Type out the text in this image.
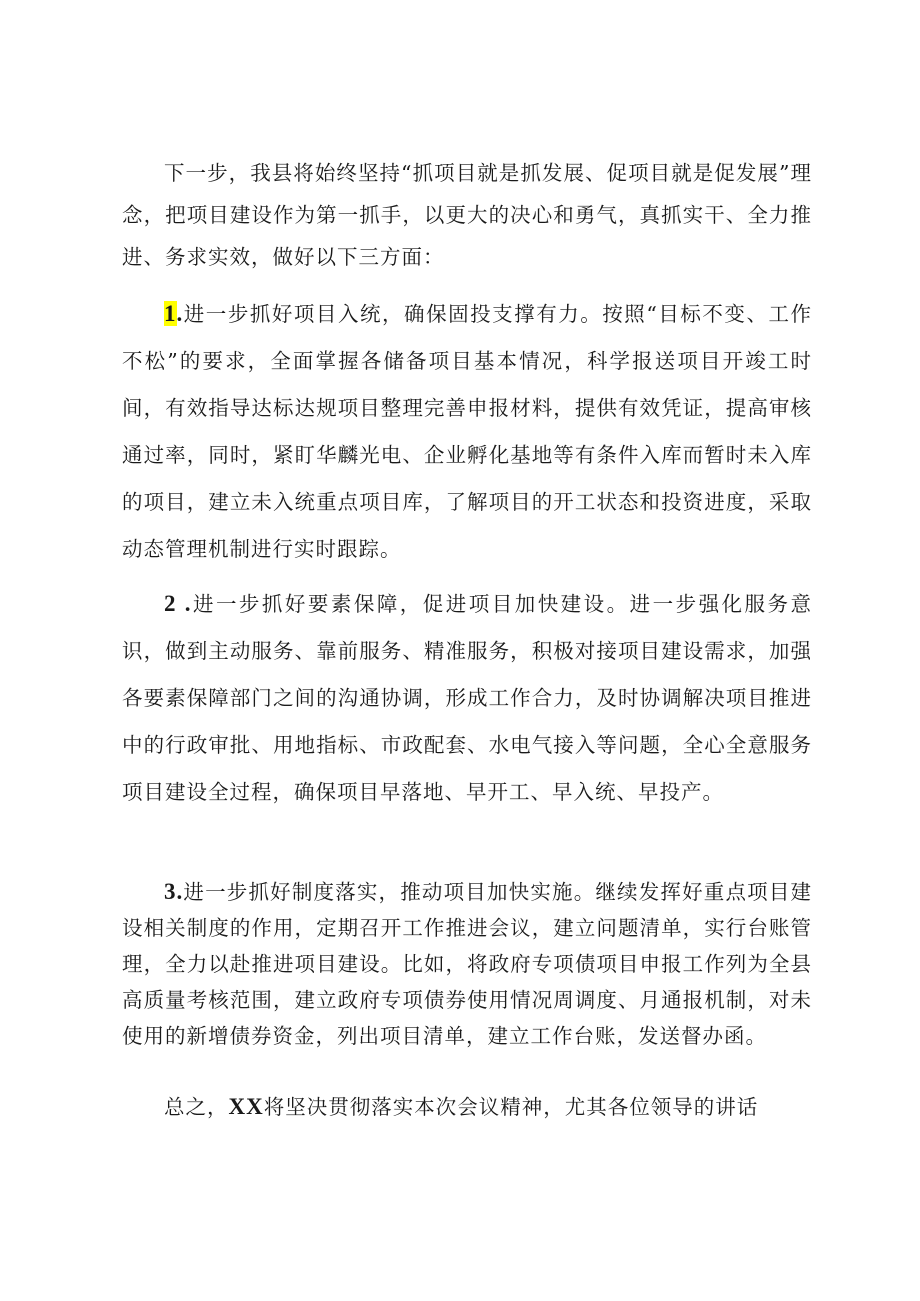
下一步，我县将始终坚持“抓项目就是抓发展、促项目就是促发展”理念，把项目建设作为第一抓手，以更大的决心和勇气，真抓实干、全力推进、务求实效，做好以下三方面：

1.进一步抓好项目入统，确保固投支撑有力。按照“目标不变、工作不松”的要求，全面掌握各储备项目基本情况，科学报送项目开竣工时间，有效指导达标达规项目整理完善申报材料，提供有效凭证，提高审核通过率，同时，紧盯华麟光电、企业孵化基地等有条件入库而暂时未入库的项目，建立未入统重点项目库，了解项目的开工状态和投资进度，采取动态管理机制进行实时跟踪。

2 .进一步抓好要素保障，促进项目加快建设。进一步强化服务意识，做到主动服务、靠前服务、精准服务，积极对接项目建设需求，加强各要素保障部门之间的沟通协调，形成工作合力，及时协调解决项目推进中的行政审批、用地指标、市政配套、水电气接入等问题，全心全意服务项目建设全过程，确保项目早落地、早开工、早入统、早投产。

3.进一步抓好制度落实，推动项目加快实施。继续发挥好重点项目建设相关制度的作用，定期召开工作推进会议，建立问题清单，实行台账管理，全力以赴推进项目建设。比如，将政府专项债项目申报工作列为全县高质量考核范围，建立政府专项债券使用情况周调度、月通报机制，对未使用的新增债券资金，列出项目清单，建立工作台账，发送督办函。

总之，XX将坚决贯彻落实本次会议精神，尤其各位领导的讲话
